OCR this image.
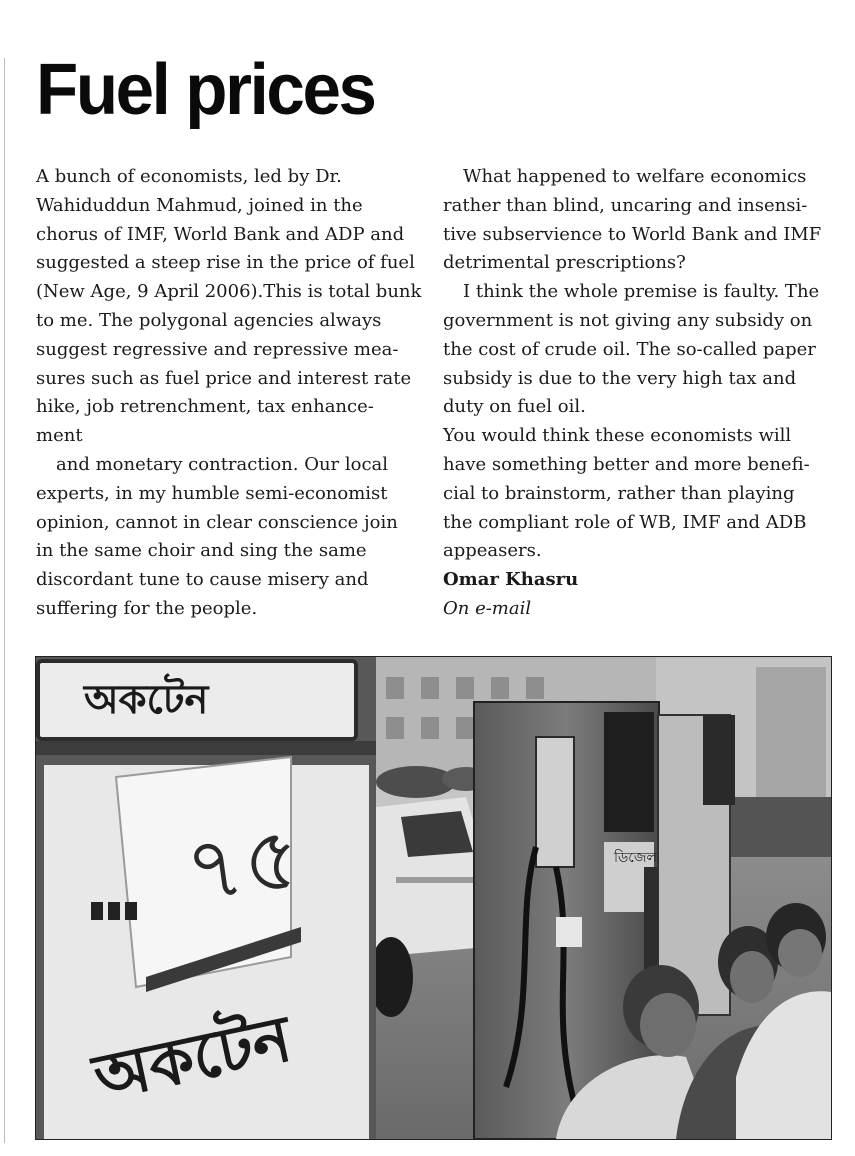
Fuel prices
A bunch of economists, led by Dr.
Wahiduddun Mahmud, joined in the
chorus of IMF, World Bank and ADP and
suggested a steep rise in the price of fuel
(New Age, 9 April 2006).This is total bunk
to me. The polygonal agencies always
suggest regressive and repressive mea-
sures such as fuel price and interest rate
hike, job retrenchment, tax enhance-
ment
and monetary contraction. Our local
experts, in my humble semi-economist
opinion, cannot in clear conscience join
in the same choir and sing the same
discordant tune to cause misery and
suffering for the people.
What happened to welfare economics
rather than blind, uncaring and insensi-
tive subservience to World Bank and IMF
detrimental prescriptions?
I think the whole premise is faulty. The
government is not giving any subsidy on
the cost of crude oil. The so-called paper
subsidy is due to the very high tax and
duty on fuel oil.
You would think these economists will
have something better and more benefi-
cial to brainstorm, rather than playing
the compliant role of WB, IMF and ADB
appeasers.
Omar Khasru
On e-mail
অকটেন
৭৫
অকটেন
ডিজেল
